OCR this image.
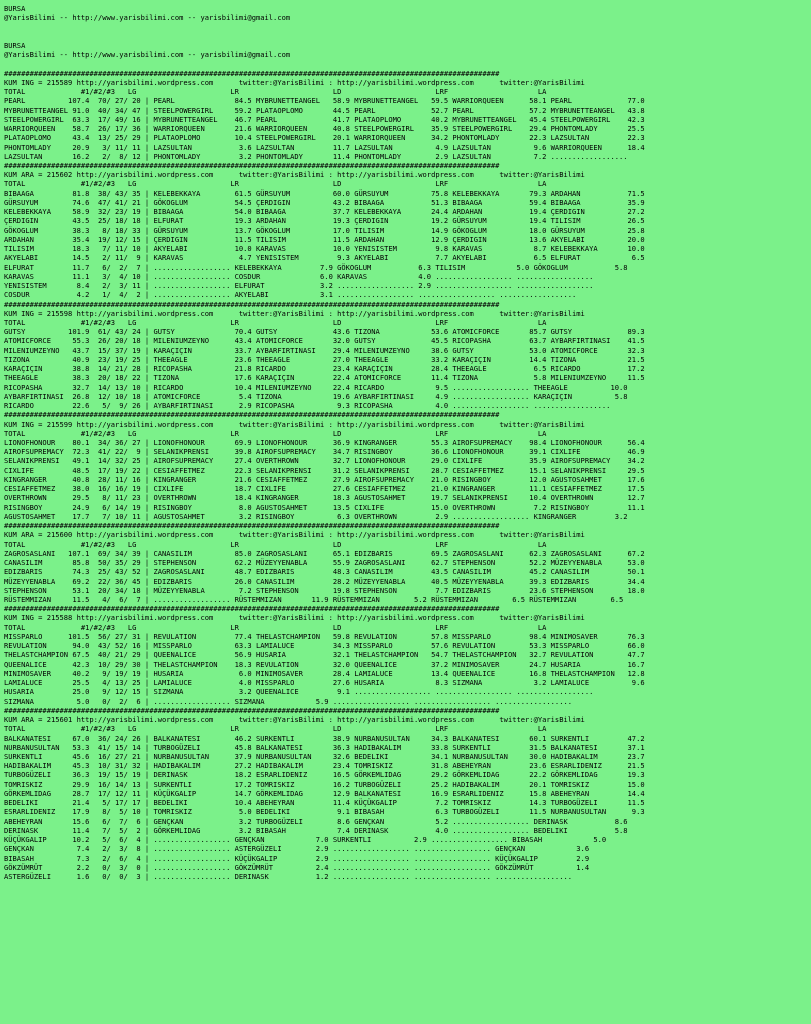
BURSA
@YarisBilimi -- http://www.yarisbilimi.com -- yarisbilimi@gmail.com

BURSA
@YarisBilimi -- http://www.yarisbilimi.com -- yarisbilimi@gmail.com

####################################################################################################################
KUM ING = 215589 http://yarisbilimi.wordpress.com      twitter:@YarisBilimi : http://yarisbilimi.wordpress.com      twitter:@YarisBilimi
TOTAL             #1/#2/#3   LG                      LR                      LD                      LRF                     LA
PEARL          107.4  70/ 27/ 20 | PEARL              84.5 MYBRUNETTEANGEL   58.9 MYBRUNETTEANGEL   59.5 WARRIORQUEEN      58.1 PEARL             77.0
MYBRUNETTEANGEL 91.0  40/ 34/ 47 | STEELPOWERGIRL     59.2 PLATAOPLOMO       44.5 PEARL             52.7 PEARL             57.2 MYBRUNETTEANGEL   43.8
STEELPOWERGIRL  63.3  17/ 49/ 16 | MYBRUNETTEANGEL    46.7 PEARL             41.7 PLATAOPLOMO       40.2 MYBRUNETTEANGEL   45.4 STEELPOWERGIRL    42.3
WARRIORQUEEN    58.7  26/ 17/ 36 | WARRIORQUEEN       21.6 WARRIORQUEEN      40.8 STEELPOWERGIRL    35.9 STEELPOWERGIRL    29.4 PHONTOMLADY       25.5
PLATAOPLOMO     43.4  13/ 25/ 29 | PLATAOPLOMO        10.4 STEELPOWERGIRL    20.1 WARRIORQUEEN      34.2 PHONTOMLADY       22.3 LAZSULTAN         22.3
PHONTOMLADY     20.9   3/ 11/ 11 | LAZSULTAN           3.6 LAZSULTAN         11.7 LAZSULTAN          4.9 LAZSULTAN          9.6 WARRIORQUEEN      18.4
LAZSULTAN       16.2   2/  8/ 12 | PHONTOMLADY         3.2 PHONTOMLADY       11.4 PHONTOMLADY        2.9 LAZSULTAN          7.2 ..................
####################################################################################################################
KUM ARA = 215602 http://yarisbilimi.wordpress.com      twitter:@YarisBilimi : http://yarisbilimi.wordpress.com      twitter:@YarisBilimi
TOTAL             #1/#2/#3   LG                      LR                      LD                      LRF                     LA
BIBAAGA         81.8  38/ 43/ 35 | KELEBEKKAYA        61.5 GÜRSUYUM          60.0 GÜRSUYUM          75.8 KELEBEKKAYA       79.3 ARDAHAN           71.5
GÜRSUYUM        74.6  47/ 41/ 21 | GÖKOGLUM           54.5 ÇERDIGIN          43.2 BIBAAGA           51.3 BIBAAGA           59.4 BIBAAGA           35.9
KELEBEKKAYA     58.9  32/ 23/ 19 | BIBAAGA            54.0 BIBAAGA           37.7 KELEBEKKAYA       24.4 ARDAHAN           19.4 ÇERDIGIN          27.2
ÇERDIGIN        43.5  25/ 18/ 18 | ELFURAT            19.3 ARDAHAN           19.3 ÇERDIGIN          19.2 GÜRSUYUM          19.4 TILISIM           26.5
GÖKOGLUM        38.3   8/ 18/ 33 | GÜRSUYUM           13.7 GÖKOGLUM          17.0 TILISIM           14.9 GÖKOGLUM          18.0 GÜRSUYUM          25.8
ARDAHAN         35.4  19/ 12/ 15 | ÇERDIGIN           11.5 TILISIM           11.5 ARDAHAN           12.9 ÇERDIGIN          13.6 AKYELABI          20.0
TILISIM         18.3   7/ 11/ 10 | AKYELABI           10.0 KARAVAS           10.0 YENISISTEM         9.8 KARAVAS            8.7 KELEBEKKAYA       10.0
AKYELABI        14.5   2/ 11/  9 | KARAVAS             4.7 YENISISTEM         9.3 AKYELABI           7.7 AKYELABI           6.5 ELFURAT            6.5
ELFURAT         11.7   6/  2/  7 | .................. KELEBEKKAYA         7.9 GÖKOGLUM           6.3 TILISIM            5.0 GÖKOGLUM           5.8
KARAVAS         11.1   3/  4/ 10 | .................. COSDUR              6.0 KARAVAS            4.0 .................. ..................
YENISISTEM       8.4   2/  3/ 11 | .................. ELFURAT             3.2 .................. 2.9 .................. ..................
COSDUR           4.2   1/  4/  2 | .................. AKYELABI            3.1 .................. .................. ..................
####################################################################################################################
KUM ING = 215598 http://yarisbilimi.wordpress.com      twitter:@YarisBilimi : http://yarisbilimi.wordpress.com      twitter:@YarisBilimi
TOTAL             #1/#2/#3   LG                      LR                      LD                      LRF                     LA
GUTSY          101.9  61/ 43/ 24 | GUTSY              70.4 GUTSY             43.6 TIZONA            53.6 ATOMICFORCE       85.7 GUTSY             89.3
ATOMICFORCE     55.3  26/ 20/ 18 | MILENIUMZEYNO      43.4 ATOMICFORCE       32.0 GUTSY             45.5 RICOPASHA         63.7 AYBARFIRTINASI    41.5
MILENIUMZEYNO   43.7  15/ 37/ 19 | KARAÇIÇIN          33.7 AYBARFIRTINASI    29.4 MILENIUMZEYNO     38.6 GUTSY             53.0 ATOMICFORCE       32.3
TIZONA          40.9  23/ 19/ 25 | THEEAGLE           23.6 THEEAGLE          27.0 THEEAGLE          33.2 KARAÇIÇIN         14.4 TIZONA            21.5
KARAÇIÇIN       38.8  14/ 21/ 28 | RICOPASHA          21.8 RICARDO           23.4 KARAÇIÇIN         28.4 THEEAGLE           6.5 RICARDO           17.2
THEEAGLE        38.3  20/ 18/ 22 | TIZONA             17.6 KARAÇIÇIN         22.4 ATOMICFORCE       11.4 TIZONA             5.8 MILENIUMZEYNO     11.5
RICOPASHA       32.7  14/ 13/ 10 | RICARDO            10.4 MILENIUMZEYNO     22.4 RICARDO            9.5 .................. THEEAGLE          10.0
AYBARFIRTINASI  26.8  12/ 10/ 18 | ATOMICFORCE         5.4 TIZONA            19.6 AYBARFIRTINASI     4.9 .................. KARAÇIÇIN          5.8
RICARDO         22.6   5/  9/ 26 | AYBARFIRTINASI      2.9 RICOPASHA          9.3 RICOPASHA          4.0 .................. ..................
####################################################################################################################
KUM ING = 215599 http://yarisbilimi.wordpress.com      twitter:@YarisBilimi : http://yarisbilimi.wordpress.com      twitter:@YarisBilimi
TOTAL             #1/#2/#3   LG                      LR                      LD                      LRF                     LA
LIONOFHONOUR    80.1  34/ 36/ 27 | LIONOFHONOUR       69.9 LIONOFHONOUR      36.9 KINGRANGER        55.3 AIROFSUPREMACY    98.4 LIONOFHONOUR      56.4
AIROFSUPREMACY  72.3  41/ 22/  9 | SELANIKPRENSI      39.8 AIROFSUPREMACY    34.7 RISINGBOY         36.6 LIONOFHONOUR      39.1 CIXLIFE           46.9
SELANIKPRENSI   49.1  14/ 32/ 25 | AIROFSUPREMACY     27.4 OVERTHROWN        32.7 LIONOFHONOUR      29.0 CIXLIFE           35.9 AIROFSUPREMACY    34.2
CIXLIFE         48.5  17/ 19/ 22 | CESIAFFETMEZ       22.3 SELANIKPRENSI     31.2 SELANIKPRENSI     28.7 CESIAFFETMEZ      15.1 SELANIKPRENSI     29.5
KINGRANGER      40.8  28/ 11/ 16 | KINGRANGER         21.6 CESIAFFETMEZ      27.9 AIROFSUPREMACY    21.0 RISINGBOY         12.0 AGUSTOSAHMET      17.6
CESIAFFETMEZ    38.0  16/ 16/ 19 | CIXLIFE            18.7 CIXLIFE           27.6 CESIAFFETMEZ      21.0 KINGRANGER        11.1 CESIAFFETMEZ      17.5
OVERTHROWN      29.5   8/ 11/ 23 | OVERTHROWN         18.4 KINGRANGER        18.3 AGUSTOSAHMET      19.7 SELANIKPRENSI     10.4 OVERTHROWN        12.7
RISINGBOY       24.9   6/ 14/ 19 | RISINGBOY           8.0 AGUSTOSAHMET      13.5 CIXLIFE           15.0 OVERTHROWN         7.2 RISINGBOY         11.1
AGUSTOSAHMET    17.7   7/ 10/ 11 | AGUSTOSAHMET        3.2 RISINGBOY          6.3 OVERTHROWN         2.9 .................. KINGRANGER         3.2
####################################################################################################################
KUM ARA = 215600 http://yarisbilimi.wordpress.com      twitter:@YarisBilimi : http://yarisbilimi.wordpress.com      twitter:@YarisBilimi
TOTAL             #1/#2/#3   LG                      LR                      LD                      LRF                     LA
ZAGROSASLANI   107.1  69/ 34/ 39 | CANASILIM          85.0 ZAGROSASLANI      65.1 EDIZBARIS         69.5 ZAGROSASLANI      62.3 ZAGROSASLANI      67.2
CANASILIM       85.8  50/ 35/ 29 | STEPHENSON         62.2 MÜZEYYENABLA      55.9 ZAGROSASLANI      62.7 STEPHENSON        52.2 MÜZEYYENABLA      53.0
EDIZBARIS       74.3  25/ 43/ 52 | ZAGROSASLANI       48.7 EDIZBARIS         48.3 CANASILIM         43.5 CANASILIM         45.2 CANASILIM         50.1
MÜZEYYENABLA    69.2  22/ 36/ 45 | EDIZBARIS          26.0 CANASILIM         28.2 MÜZEYYENABLA      40.5 MÜZEYYENABLA      39.3 EDIZBARIS         34.4
STEPHENSON      53.1  20/ 34/ 18 | MÜZEYYENABLA        7.2 STEPHENSON        19.8 STEPHENSON         7.7 EDIZBARIS         23.6 STEPHENSON        18.0
RÜSTEMMIZAN     11.5   4/  6/  7 | .................. RÜSTEMMIZAN       11.9 RÜSTEMMIZAN        5.2 RÜSTEMMIZAN        6.5 RÜSTEMMIZAN        6.5
####################################################################################################################
KUM ING = 215588 http://yarisbilimi.wordpress.com      twitter:@YarisBilimi : http://yarisbilimi.wordpress.com      twitter:@YarisBilimi
TOTAL             #1/#2/#3   LG                      LR                      LD                      LRF                     LA
MISSPARLO      101.5  56/ 27/ 31 | REVULATION         77.4 THELASTCHAMPION   59.8 REVULATION        57.8 MISSPARLO         98.4 MINIMOSAVER       76.3
REVULATION      94.0  43/ 52/ 16 | MISSPARLO          63.3 LAMIALUCE         34.3 MISSPARLO         57.6 REVULATION        53.3 MISSPARLO         66.0
THELASTCHAMPION 67.5  40/ 21/ 29 | QUEENALICE         56.9 HUSARIA           32.1 THELASTCHAMPION   54.7 THELASTCHAMPION   32.7 REVULATION        47.7
QUEENALICE      42.3  10/ 29/ 30 | THELASTCHAMPION    18.3 REVULATION        32.0 QUEENALICE        37.2 MINIMOSAVER       24.7 HUSARIA           16.7
MINIMOSAVER     40.2   9/ 19/ 19 | HUSARIA             6.0 MINIMOSAVER       28.4 LAMIALUCE         13.4 QUEENALICE        16.8 THELASTCHAMPION   12.8
LAMIALUCE       25.5   4/ 13/ 25 | LAMIALUCE           4.0 MISSPARLO         27.6 HUSARIA            8.3 SIZMANA            3.2 LAMIALUCE          9.6
HUSARIA         25.0   9/ 12/ 15 | SIZMANA             3.2 QUEENALICE         9.1 .................. .................. ..................
SIZMANA          5.0   0/  2/  6 | .................. SIZMANA            5.9 .................. .................. ..................
####################################################################################################################
KUM ARA = 215601 http://yarisbilimi.wordpress.com      twitter:@YarisBilimi : http://yarisbilimi.wordpress.com      twitter:@YarisBilimi
TOTAL             #1/#2/#3   LG                      LR                      LD                      LRF                     LA
BALKANATESI     67.0  36/ 24/ 26 | BALKANATESI        46.2 SURKENTLI         38.9 NURBANUSULTAN     34.3 BALKANATESI       60.1 SURKENTLI         47.2
NURBANUSULTAN   53.3  41/ 15/ 14 | TURBOGÜZELI        45.8 BALKANATESI       36.3 HADIBAKALIM       33.8 SURKENTLI         31.5 BALKANATESI       37.1
SURKENTLI       45.6  16/ 27/ 21 | NURBANUSULTAN      37.9 NURBANUSULTAN     32.6 BEDELIKI          34.1 NURBANUSULTAN     30.0 HADIBAKALIM       23.7
HADIBAKALIM     45.3  10/ 31/ 32 | HADIBAKALIM        27.2 HADIBAKALIM       23.4 TOMRISKIZ         31.8 ABEHEYRAN         23.6 ESRARLIDENIZ      21.5
TURBOGÜZELI     36.3  19/ 15/ 19 | DERINASK           18.2 ESRARLIDENIZ      16.5 GÖRKEMLIDAG       29.2 GÖRKEMLIDAG       22.2 GÖRKEMLIDAG       19.3
TOMRISKIZ       29.9  16/ 14/ 13 | SURKENTLI          17.2 TOMRISKIZ         16.2 TURBOGÜZELI       25.2 HADIBAKALIM       20.1 TOMRISKIZ         15.0
GÖRKEMLIDAG     28.7  17/ 12/ 11 | KÜÇÜKGALIP         14.7 GÖRKEMLIDAG       12.9 BALKANATESI       16.9 ESRARLIDENIZ      15.8 ABEHEYRAN         14.4
BEDELIKI        21.4   5/ 17/ 17 | BEDELIKI           10.4 ABEHEYRAN         11.4 KÜÇÜKGALIP         7.2 TOMRISKIZ         14.3 TURBOGÜZELI       11.5
ESRARLIDENIZ    17.9   8/  5/ 10 | TOMRISKIZ           5.0 BEDELIKI           9.1 BIBASAH            6.3 TURBOGÜZELI       11.5 NURBANUSULTAN      9.3
ABEHEYRAN       15.6   6/  7/  6 | GENÇKAN             3.2 TURBOGÜZELI        8.6 GENÇKAN            5.2 .................. DERINASK           8.6
DERINASK        11.4   7/  5/  2 | GÖRKEMLIDAG         3.2 BIBASAH            7.4 DERINASK           4.0 .................. BEDELIKI           5.8
KÜÇÜKGALIP      10.2   5/  6/  4 | .................. GENÇKAN            7.0 SURKENTLI          2.9 .................. BIBASAH            5.0
GENÇKAN          7.4   2/  3/  8 | .................. ASTERGÜZELI        2.9 .................. .................. GENÇKAN            3.6
BIBASAH          7.3   2/  6/  4 | .................. KÜÇÜKGALIP         2.9 .................. .................. KÜÇÜKGALIP         2.9
GÖKZÜMRÜT        2.2   0/  3/  0 | .................. GÖKZÜMRÜT          2.4 .................. .................. GÖKZÜMRÜT          1.4
ASTERGÜZELI      1.6   0/  0/  3 | .................. DERINASK           1.2 .................. .................. ..................
